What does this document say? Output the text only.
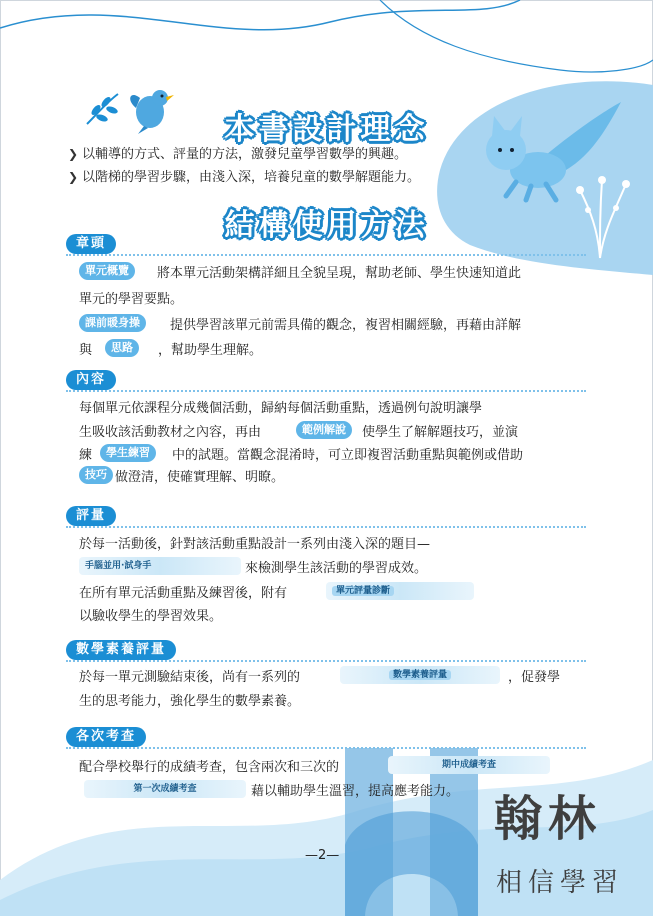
本書設計理念
❯ 以輔導的方式、評量的方法，激發兒童學習數學的興趣。
❯ 以階梯的學習步驟，由淺入深，培養兒童的數學解題能力。
結構使用方法
章頭
單元概覽	將本單元活動架構詳細且全貌呈現，幫助老師、學生快速知道此
單元的學習要點。
課前暖身操	提供學習該單元前需具備的觀念，複習相關經驗，再藉由詳解
與	思路	，幫助學生理解。
內容
每個單元依課程分成幾個活動，歸納每個活動重點，透過例句說明讓學
生吸收該活動教材之內容，再由	範例解說	使學生了解解題技巧，並演
練	學生練習	中的試題。當觀念混淆時，可立即複習活動重點與範例或借助
技巧 做澄清，使確實理解、明瞭。
評量
於每一活動後，針對該活動重點設計一系列由淺入深的題目—
手腦並用·試身手	來檢測學生該活動的學習成效。
在所有單元活動重點及練習後，附有	單元評量診斷
以驗收學生的學習效果。
數學素養評量
於每一單元測驗結束後，尚有一系列的	數學素養評量	，促發學
生的思考能力，強化學生的數學素養。
各次考查
配合學校舉行的成績考查，包含兩次和三次的	期中成績考查
第一次成績考查	藉以輔助學生溫習，提高應考能力。
—2—
翰林
相信學習
